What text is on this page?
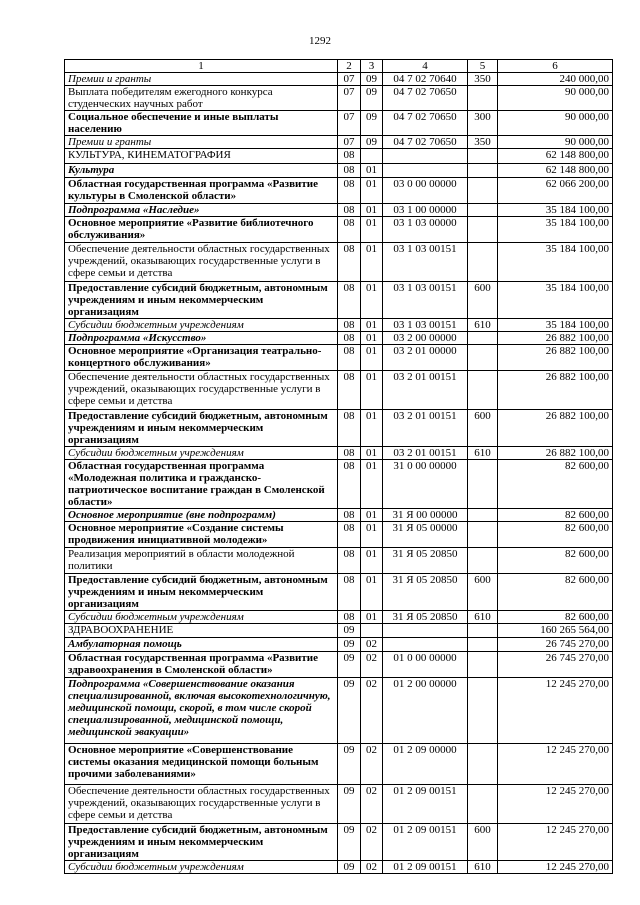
1292
1	2	3	4	5	6
Премии и гранты	07	09	04 7 02 70640	350	240 000,00
Выплата победителям ежегодного конкурса студенческих научных работ	07	09	04 7 02 70650		90 000,00
Социальное обеспечение и иные выплаты населению	07	09	04 7 02 70650	300	90 000,00
Премии и гранты	07	09	04 7 02 70650	350	90 000,00
КУЛЬТУРА, КИНЕМАТОГРАФИЯ	08				62 148 800,00
Культура	08	01			62 148 800,00
Областная государственная программа «Развитие культуры в Смоленской области»	08	01	03 0 00 00000		62 066 200,00
Подпрограмма «Наследие»	08	01	03 1 00 00000		35 184 100,00
Основное мероприятие «Развитие библиотечного обслуживания»	08	01	03 1 03 00000		35 184 100,00
Обеспечение деятельности областных государственных учреждений, оказывающих государственные услуги в сфере семьи и детства	08	01	03 1 03 00151		35 184 100,00
Предоставление субсидий бюджетным, автономным учреждениям и иным некоммерческим организациям	08	01	03 1 03 00151	600	35 184 100,00
Субсидии бюджетным учреждениям	08	01	03 1 03 00151	610	35 184 100,00
Подпрограмма «Искусство»	08	01	03 2 00 00000		26 882 100,00
Основное мероприятие «Организация театрально-концертного обслуживания»	08	01	03 2 01 00000		26 882 100,00
Обеспечение деятельности областных государственных учреждений, оказывающих государственные услуги в сфере семьи и детства	08	01	03 2 01 00151		26 882 100,00
Предоставление субсидий бюджетным, автономным учреждениям и иным некоммерческим организациям	08	01	03 2 01 00151	600	26 882 100,00
Субсидии бюджетным учреждениям	08	01	03 2 01 00151	610	26 882 100,00
Областная государственная программа «Молодежная политика и гражданско-патриотическое воспитание граждан в Смоленской области»	08	01	31 0 00 00000		82 600,00
Основное мероприятие (вне подпрограмм)	08	01	31 Я 00 00000		82 600,00
Основное мероприятие «Создание системы продвижения инициативной молодежи»	08	01	31 Я 05 00000		82 600,00
Реализация мероприятий в области молодежной политики	08	01	31 Я 05 20850		82 600,00
Предоставление субсидий бюджетным, автономным учреждениям и иным некоммерческим организациям	08	01	31 Я 05 20850	600	82 600,00
Субсидии бюджетным учреждениям	08	01	31 Я 05 20850	610	82 600,00
ЗДРАВООХРАНЕНИЕ	09				160 265 564,00
Амбулаторная помощь	09	02			26 745 270,00
Областная государственная программа «Развитие здравоохранения в Смоленской области»	09	02	01 0 00 00000		26 745 270,00
Подпрограмма «Совершенствование оказания специализированной, включая высокотехнологичную, медицинской помощи, скорой, в том числе скорой специализированной, медицинской помощи, медицинской эвакуации»	09	02	01 2 00 00000		12 245 270,00
Основное мероприятие «Совершенствование системы оказания медицинской помощи больным прочими заболеваниями»	09	02	01 2 09 00000		12 245 270,00
Обеспечение деятельности областных государственных учреждений, оказывающих государственные услуги в сфере семьи и детства	09	02	01 2 09 00151		12 245 270,00
Предоставление субсидий бюджетным, автономным учреждениям и иным некоммерческим организациям	09	02	01 2 09 00151	600	12 245 270,00
Субсидии бюджетным учреждениям	09	02	01 2 09 00151	610	12 245 270,00
